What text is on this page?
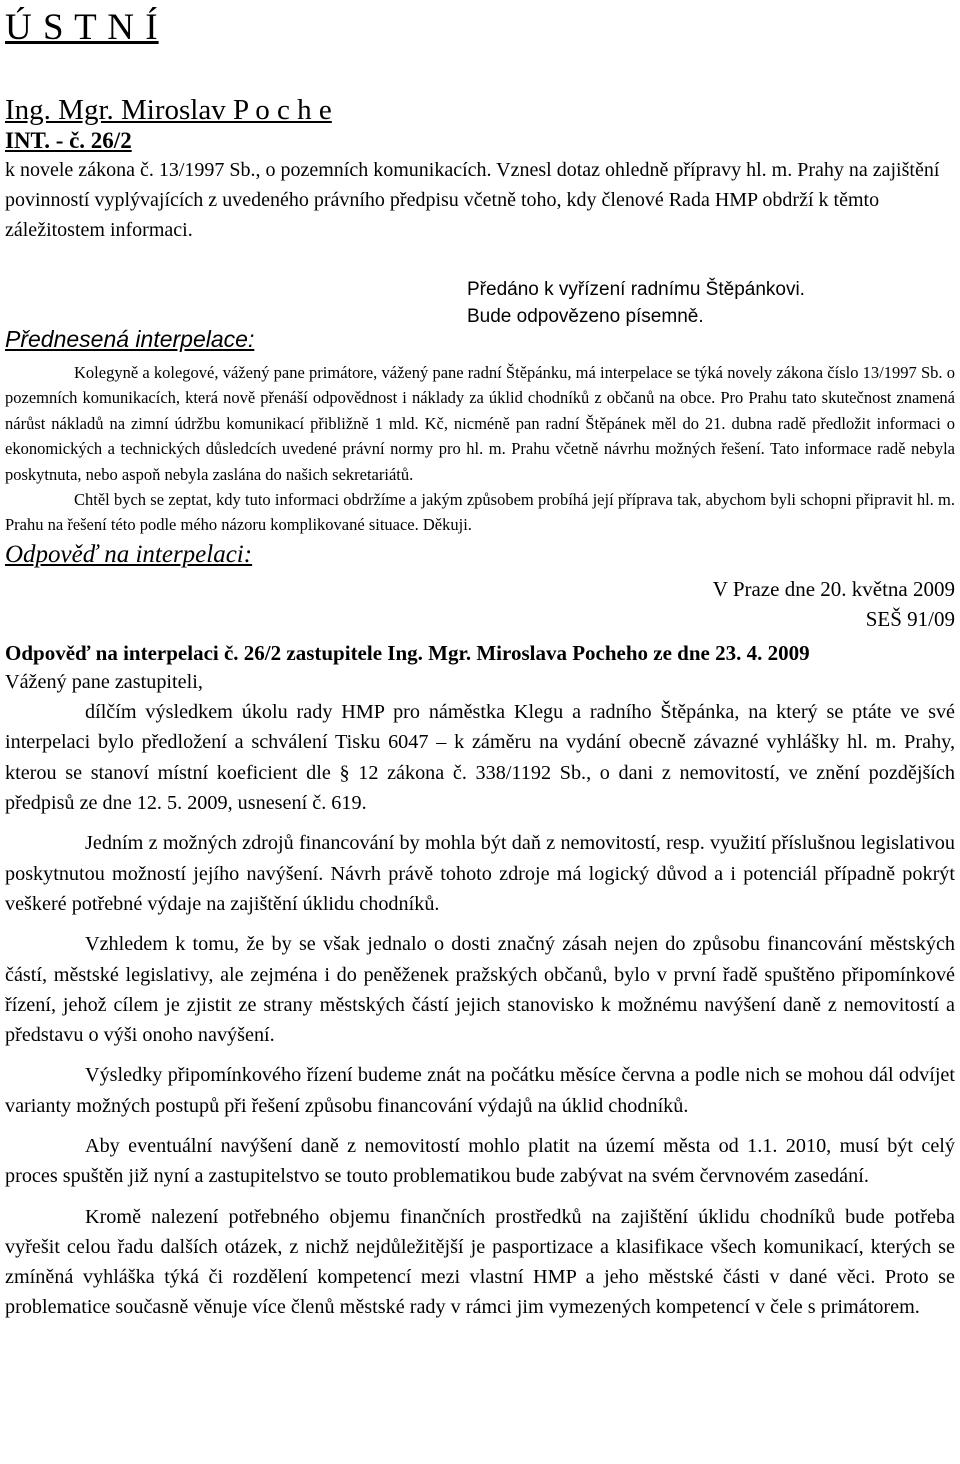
Ú S T N Í
Ing. Mgr. Miroslav P o c h e
INT. - č. 26/2
k novele zákona č. 13/1997 Sb., o pozemních komunikacích. Vznesl dotaz ohledně přípravy hl. m. Prahy na zajištění povinností vyplývajících z uvedeného právního předpisu včetně toho, kdy členové Rada HMP obdrží k těmto záležitostem informaci.
Předáno k vyřízení radnímu Štěpánkovi.
Bude odpovězeno písemně.
Přednesená interpelace:

Kolegyně a kolegové, vážený pane primátore, vážený pane radní Štěpánku, má interpelace se týká novely zákona číslo 13/1997 Sb. o pozemních komunikacích, která nově přenáší odpovědnost i náklady za úklid chodníků z občanů na obce. Pro Prahu tato skutečnost znamená nárůst nákladů na zimní údržbu komunikací přibližně 1 mld. Kč, nicméně pan radní Štěpánek měl do 21. dubna radě předložit informaci o ekonomických a technických důsledcích uvedené právní normy pro hl. m. Prahu včetně návrhu možných řešení. Tato informace radě nebyla poskytnuta, nebo aspoň nebyla zaslána do našich sekretariátů.

Chtěl bych se zeptat, kdy tuto informaci obdržíme a jakým způsobem probíhá její příprava tak, abychom byli schopni připravit hl. m. Prahu na řešení této podle mého názoru komplikované situace. Děkuji.

Odpověď na interpelaci:
V Praze dne 20. května 2009
SEŠ 91/09
Odpověď na interpelaci č. 26/2 zastupitele Ing. Mgr. Miroslava Pocheho ze dne 23. 4. 2009

Vážený pane zastupiteli,

dílčím výsledkem úkolu rady HMP pro náměstka Klegu a radního Štěpánka, na který se ptáte ve své interpelaci bylo předložení a schválení Tisku 6047 – k záměru na vydání obecně závazné vyhlášky hl. m. Prahy, kterou se stanoví místní koeficient dle § 12 zákona č. 338/1192 Sb., o dani z nemovitostí, ve znění pozdějších předpisů ze dne 12. 5. 2009, usnesení č. 619.

Jedním z možných zdrojů financování by mohla být daň z nemovitostí, resp. využití příslušnou legislativou poskytnutou možností jejího navýšení. Návrh právě tohoto zdroje má logický důvod a i potenciál případně pokrýt veškeré potřebné výdaje na zajištění úklidu chodníků.

Vzhledem k tomu, že by se však jednalo o dosti značný zásah nejen do způsobu financování městských částí, městské legislativy, ale zejména i do peněženek pražských občanů, bylo v první řadě spuštěno připomínkové řízení, jehož cílem je zjistit ze strany městských částí jejich stanovisko k možnému navýšení daně z nemovitostí a představu o výši onoho navýšení.

Výsledky připomínkového řízení budeme znát na počátku měsíce června a podle nich se mohou dál odvíjet varianty možných postupů při řešení způsobu financování výdajů na úklid chodníků.

Aby eventuální navýšení daně z nemovitostí mohlo platit na území města od 1.1. 2010, musí být celý proces spuštěn již nyní a zastupitelstvo se touto problematikou bude zabývat na svém červnovém zasedání.

Kromě nalezení potřebného objemu finančních prostředků na zajištění úklidu chodníků bude potřeba vyřešit celou řadu dalších otázek, z nichž nejdůležitější je pasportizace a klasifikace všech komunikací, kterých se zmíněná vyhláška týká či rozdělení kompetencí mezi vlastní HMP a jeho městské části v dané věci. Proto se problematice současně věnuje více členů městské rady v rámci jim vymezených kompetencí v čele s primátorem.
